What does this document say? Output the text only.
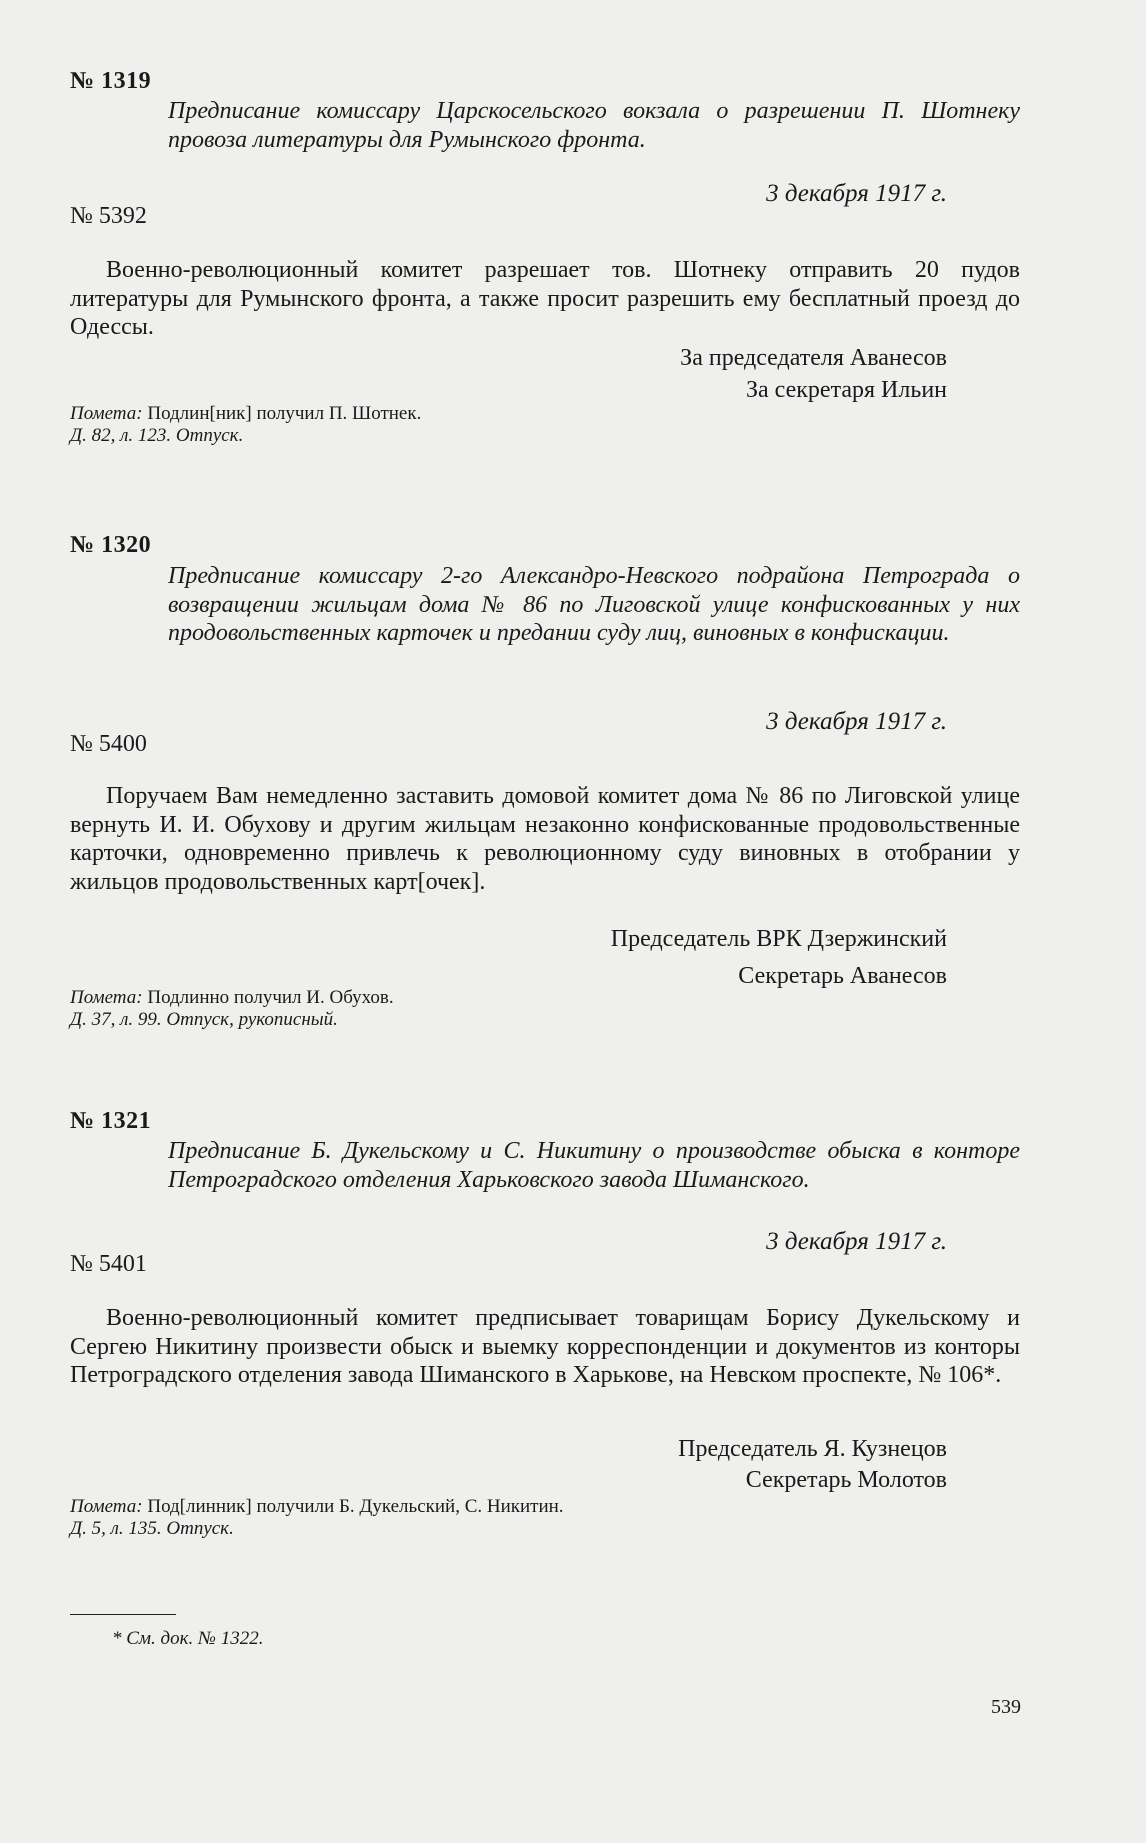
№ 1319
Предписание комиссару Царскосельского вокзала о разрешении П. Шотнеку провоза литературы для Румынского фронта.
3 декабря 1917 г.
№ 5392
Военно-революционный комитет разрешает тов. Шотнеку отправить 20 пудов литературы для Румынского фронта, а также просит разрешить ему бесплатный проезд до Одессы.
За председателя Аванесов
За секретаря Ильин
Помета: Подлин[ник] получил П. Шотнек.
Д. 82, л. 123. Отпуск.
№ 1320
Предписание комиссару 2-го Александро-Невского подрайона Петрограда о возвращении жильцам дома № 86 по Лиговской улице конфискованных у них продовольственных карточек и предании суду лиц, виновных в конфискации.
3 декабря 1917 г.
№ 5400
Поручаем Вам немедленно заставить домовой комитет дома № 86 по Лиговской улице вернуть И. И. Обухову и другим жильцам незаконно конфискованные продовольственные карточки, одновременно привлечь к революционному суду виновных в отобрании у жильцов продовольственных карт[очек].
Председатель ВРК Дзержинский
Секретарь Аванесов
Помета: Подлинно получил И. Обухов.
Д. 37, л. 99. Отпуск, рукописный.
№ 1321
Предписание Б. Дукельскому и С. Никитину о производстве обыска в конторе Петроградского отделения Харьковского завода Шиманского.
3 декабря 1917 г.
№ 5401
Военно-революционный комитет предписывает товарищам Борису Дукельскому и Сергею Никитину произвести обыск и выемку корреспонденции и документов из конторы Петроградского отделения завода Шиманского в Харькове, на Невском проспекте, № 106*.
Председатель Я. Кузнецов
Секретарь Молотов
Помета: Под[линник] получили Б. Дукельский, С. Никитин.
Д. 5, л. 135. Отпуск.
* См. док. № 1322.
539
